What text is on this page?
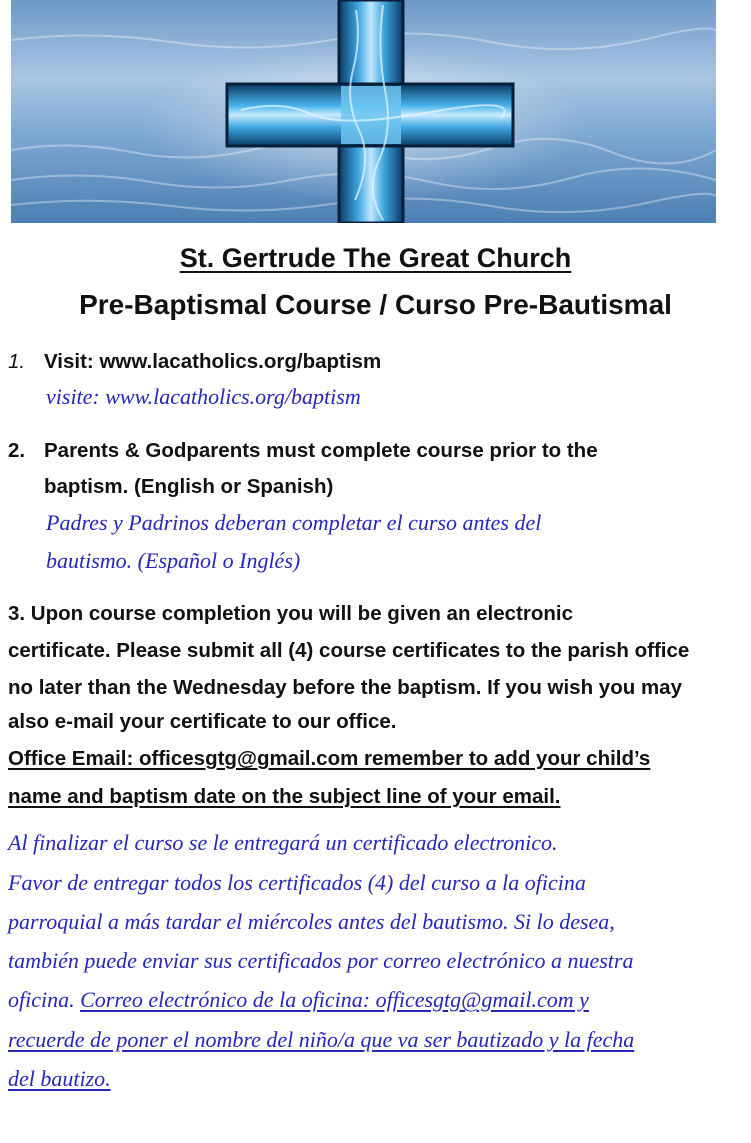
St. Gertrude The Great Church
Pre-Baptismal Course / Curso Pre-Bautismal
1. Visit: www.lacatholics.org/baptism
visite: www.lacatholics.org/baptism
2. Parents & Godparents must complete course prior to the
baptism. (English or Spanish)
Padres y Padrinos deberan completar el curso antes del
bautismo. (Español o Inglés)
3. Upon course completion you will be given an electronic
certificate. Please submit all (4) course certificates to the parish office
no later than the Wednesday before the baptism. If you wish you may
also e-mail your certificate to our office.
Office Email: officesgtg@gmail.com remember to add your child’s
name and baptism date on the subject line of your email.
Al finalizar el curso se le entregará un certificado electronico.
Favor de entregar todos los certificados (4) del curso a la oficina
parroquial a más tardar el miércoles antes del bautismo. Si lo desea,
también puede enviar sus certificados por correo electrónico a nuestra
oficina. Correo electrónico de la oficina: officesgtg@gmail.com y
recuerde de poner el nombre del niño/a que va ser bautizado y la fecha
del bautizo.
